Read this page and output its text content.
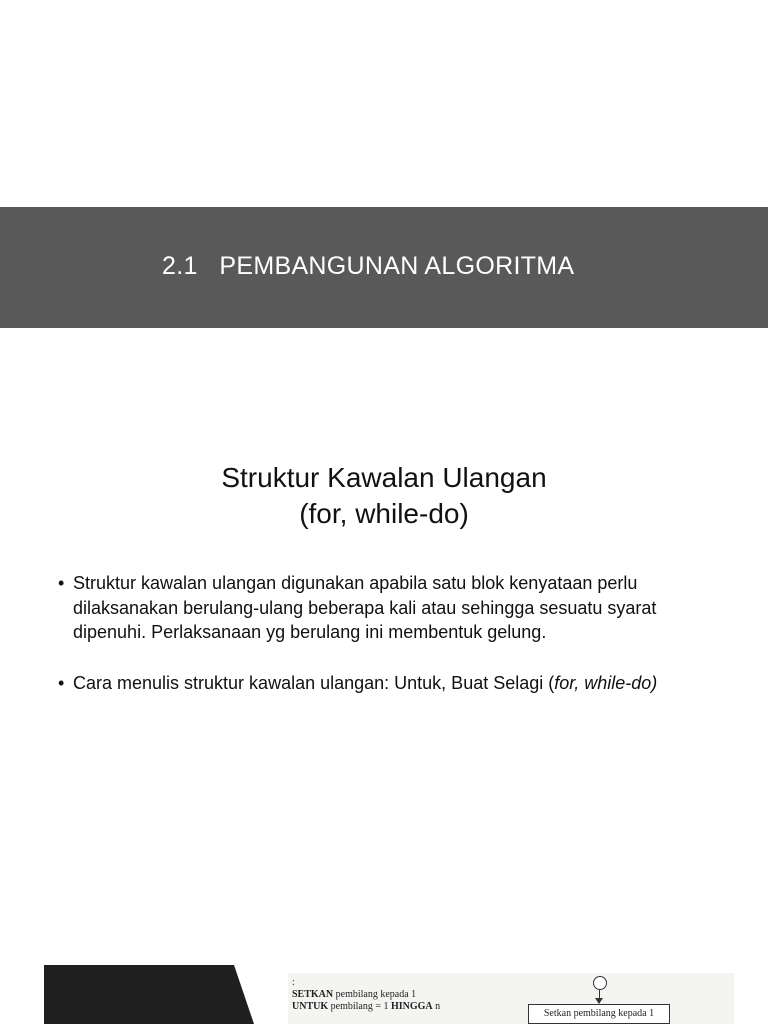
2.1   PEMBANGUNAN ALGORITMA
Struktur Kawalan Ulangan
(for, while-do)
• Struktur kawalan ulangan digunakan apabila satu blok kenyataan perlu dilaksanakan berulang-ulang beberapa kali atau sehingga sesuatu syarat dipenuhi. Perlaksanaan yg berulang ini membentuk gelung.
• Cara menulis struktur kawalan ulangan: Untuk, Buat Selagi (for, while-do)
:
SETKAN pembilang kepada 1
UNTUK pembilang = 1 HINGGA n
Setkan pembilang kepada 1
